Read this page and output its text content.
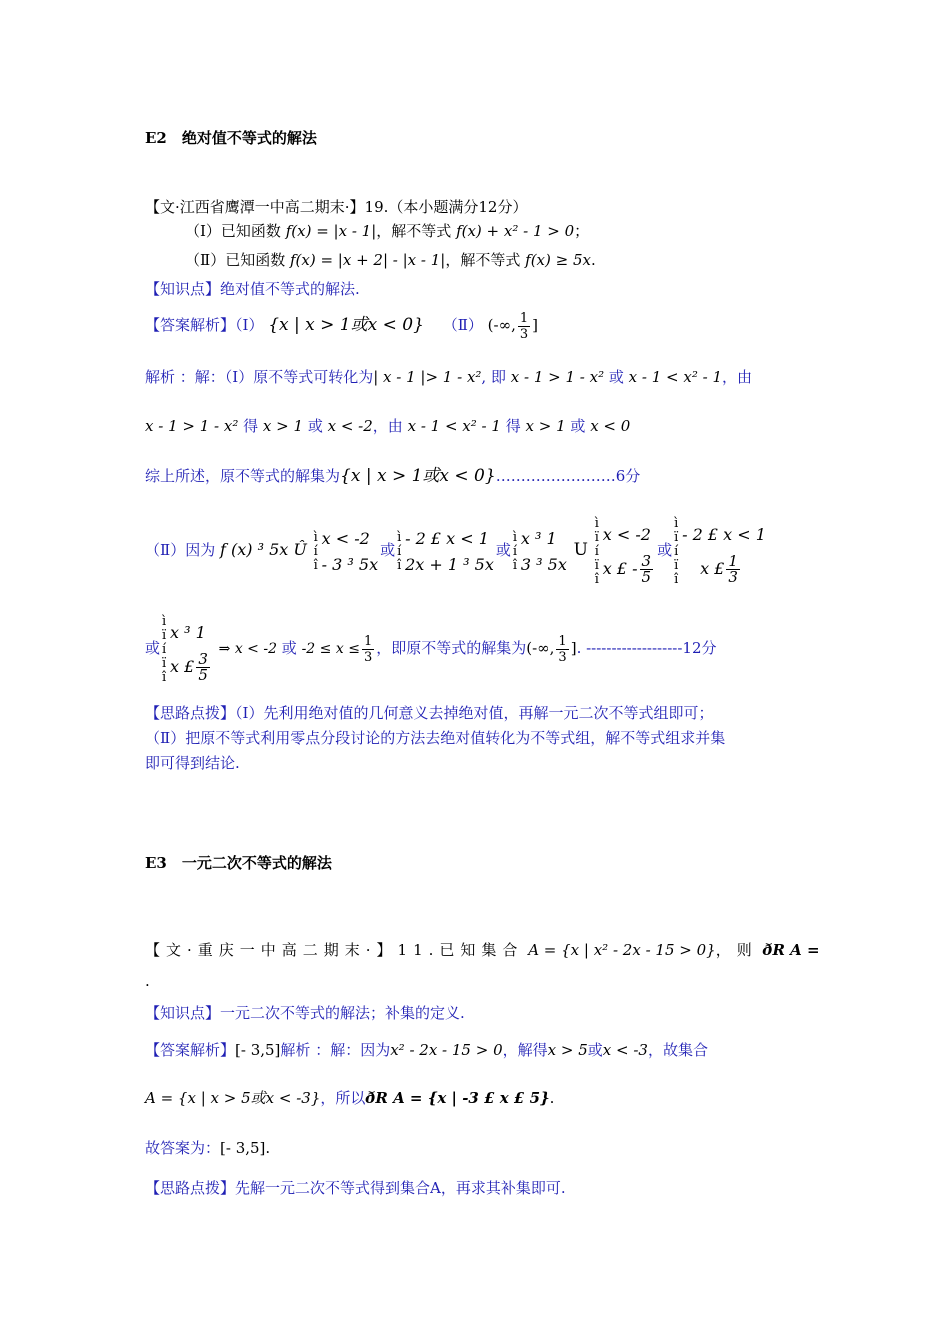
E2　绝对值不等式的解法
【文·江西省鹰潭一中高二期末·】19.（本小题满分12分）
（Ⅰ）已知函数 f(x) = |x - 1|，解不等式 f(x) + x² - 1 > 0；
（Ⅱ）已知函数 f(x) = |x + 2| - |x - 1|，解不等式 f(x) ≥ 5x.
【知识点】绝对值不等式的解法.
【答案解析】（Ⅰ） {x | x > 1或x < 0} （Ⅱ） (-∞, $\frac{1}{3}$ ]
解析 ：解：（Ⅰ）原不等式可转化为| x - 1 |> 1 - x², 即 x - 1 > 1 - x² 或 x - 1 < x² - 1，由
x - 1 > 1 - x² 得 x > 1 或 x < -2，由 x - 1 < x² - 1 得 x > 1 或 x < 0
综上所述，原不等式的解集为{x | x > 1或x < 0}……………………6分
（Ⅱ）因为 f (x) ³ 5x Û ì
í
îx < -2
- 3 ³ 5x或ì
í
î- 2 £ x < 1
2x + 1 ³ 5x或ì
í
îx ³ 1
3 ³ 5x U ì
ï
í
ï
îx < -2
x £ - $\frac{3}{5}$
或ì
ï
í
ï
î- 2 £ x < 1
x £ $\frac{1}{3}$
或ì
ï
í
ï
îx ³ 1
x £ $\frac{3}{5}$
⇒ x < -2 或 $-2 \le x \le \frac{1}{3}$ ，即原不等式的解集为(-∞, $\frac{1}{3}$ ]. -------------------12分
【思路点拨】（Ⅰ）先利用绝对值的几何意义去掉绝对值，再解一元二次不等式组即可；
（Ⅱ）把原不等式利用零点分段讨论的方法去绝对值转化为不等式组，解不等式组求并集
即可得到结论.
E3　一元二次不等式的解法
【文·重庆一中高二期末·】11.已知集合 A = {x | x² - 2x - 15 > 0}，则 ðR A =
.
【知识点】一元二次不等式的解法；补集的定义.
【答案解析】[- 3,5]解析 ：解：因为x² - 2x - 15 > 0，解得x > 5或x < -3，故集合
A = {x | x > 5或x < -3}，所以ðR A = {x | -3 £ x £ 5}.
故答案为：[- 3,5].
【思路点拨】先解一元二次不等式得到集合A，再求其补集即可.
